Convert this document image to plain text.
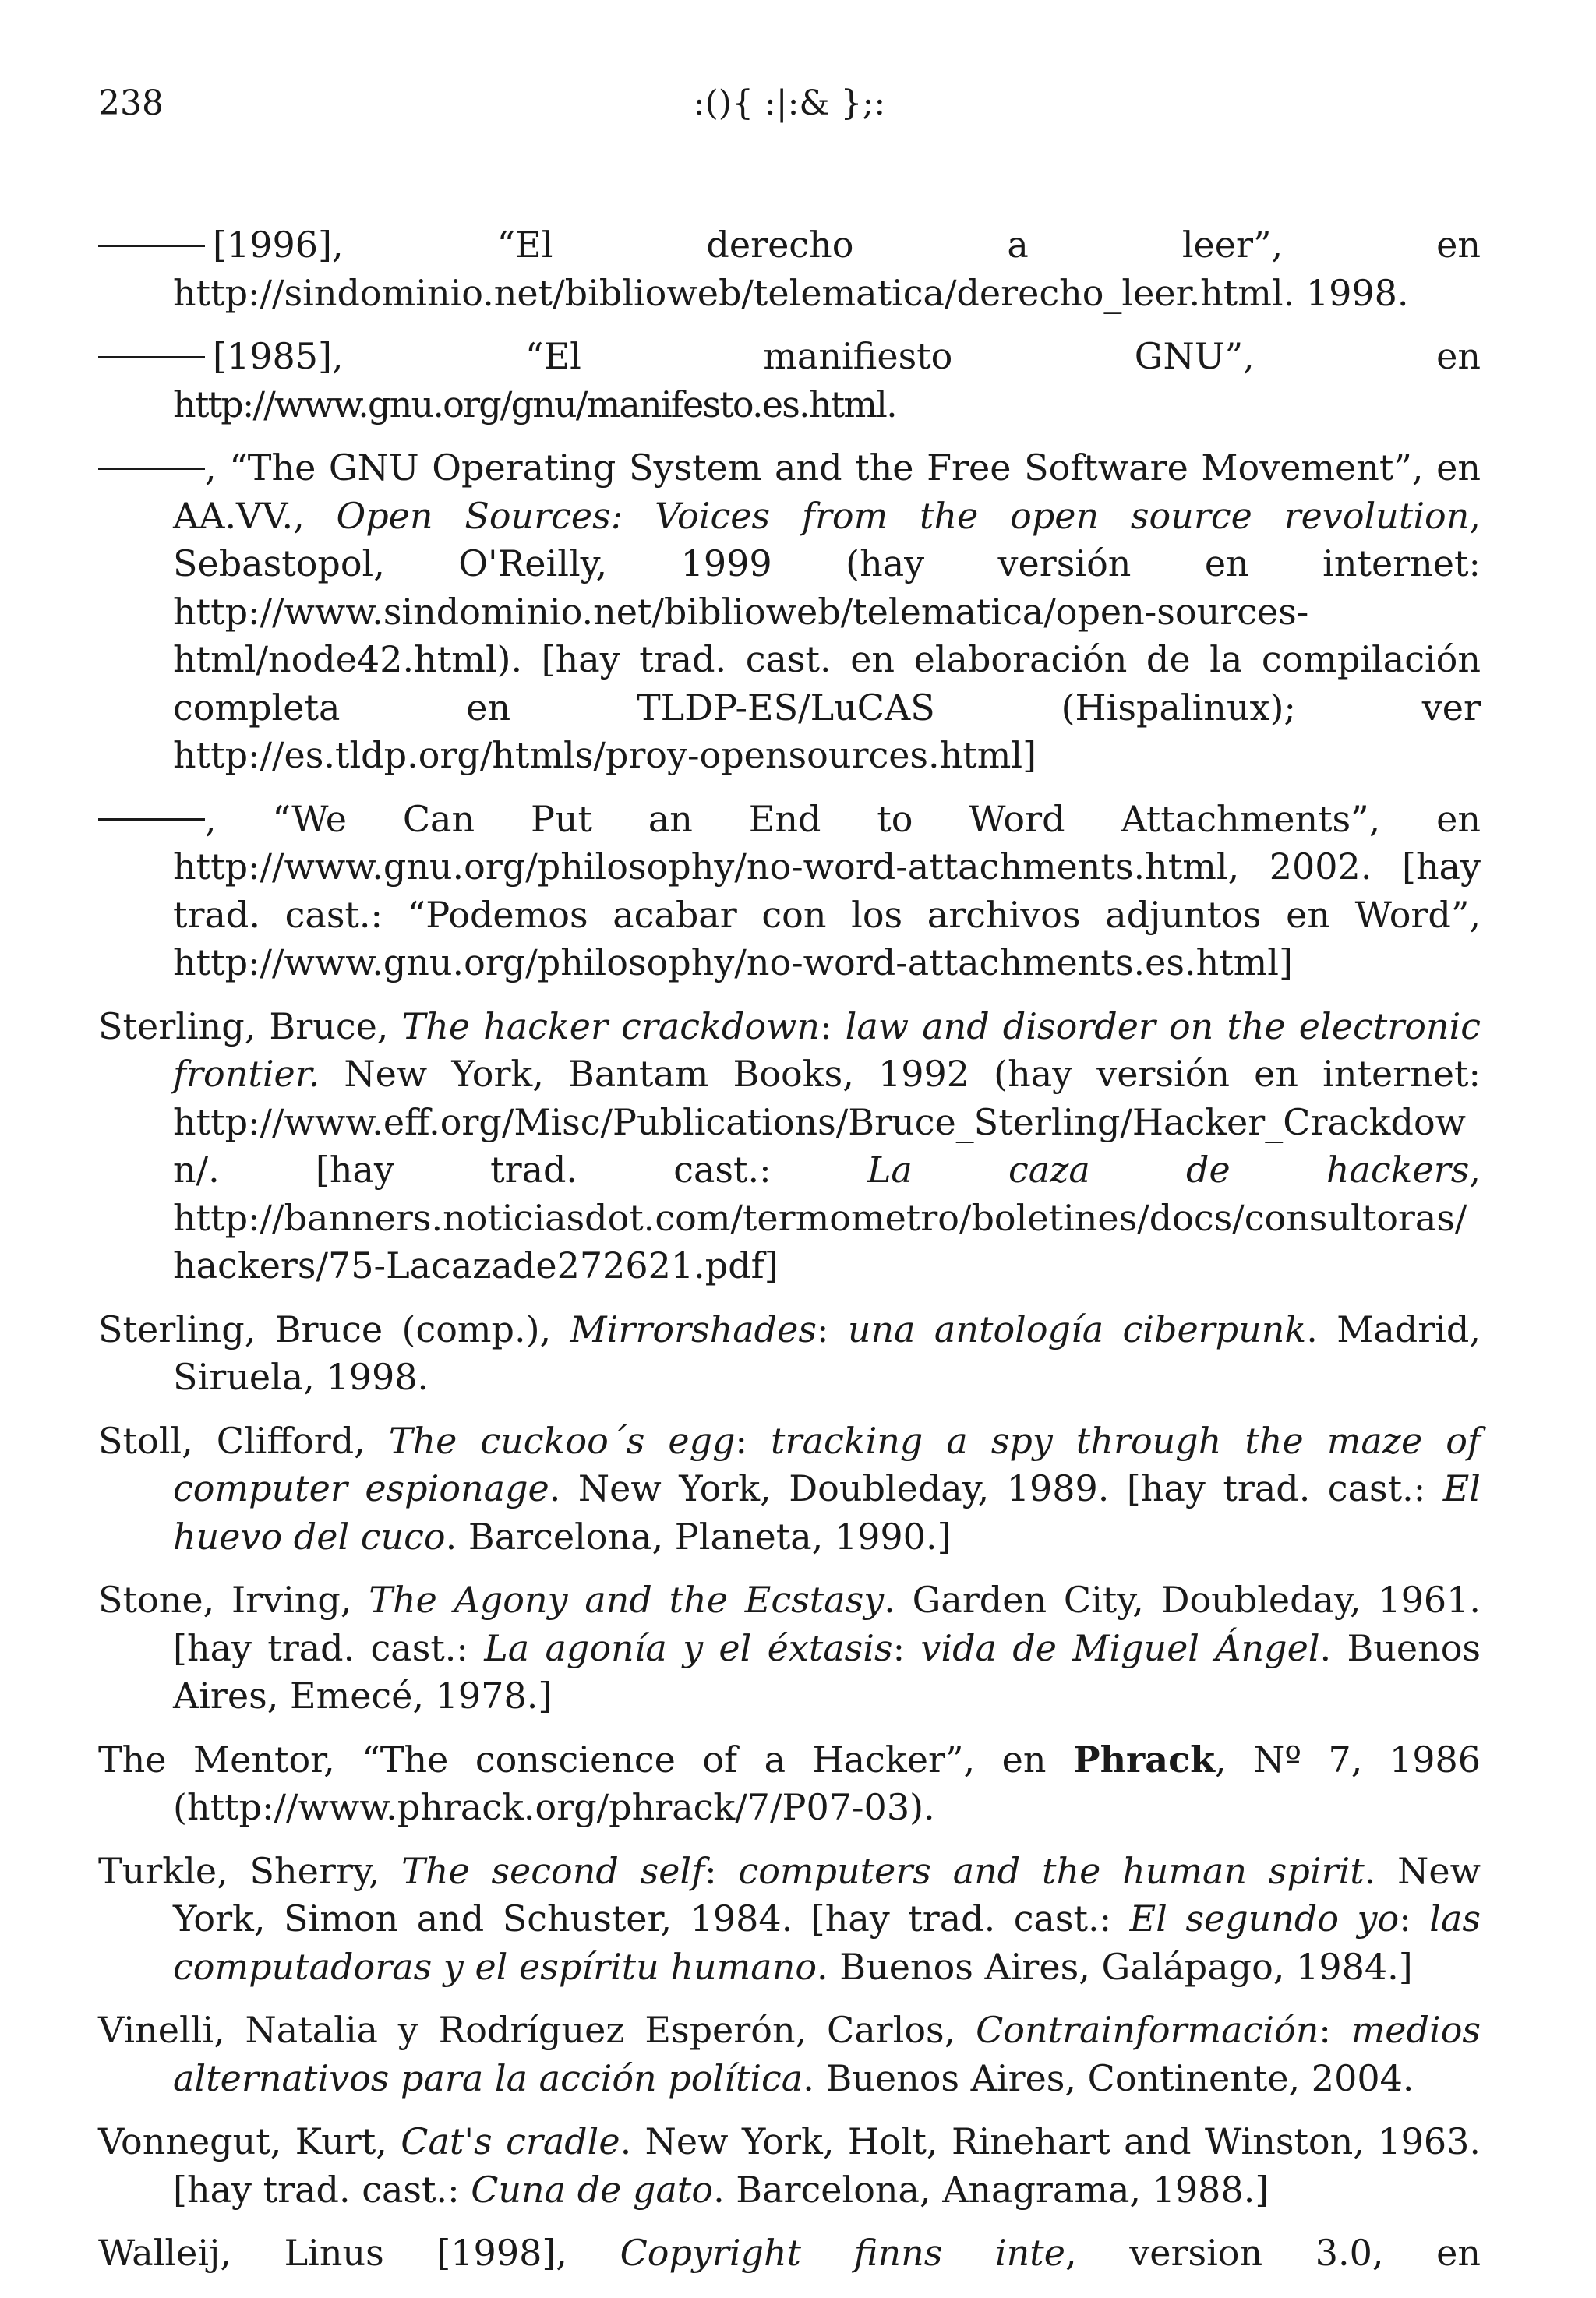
238	:(){ :|:& };:

[1996],	“El derecho a leer”,	en http://sindominio.net/biblioweb/telematica/derecho_leer.html. 1998.

[1985],	“El manifiesto GNU”,	en http://www.gnu.org/gnu/manifesto.es.html.

, “The GNU Operating System and the Free Software Movement”, en AA.VV., Open Sources: Voices from the open source revolution, Sebastopol, O'Reilly, 1999 (hay versión en internet: http://www.sindominio.net/biblioweb/telematica/open-sources-html/node42.html). [hay trad. cast. en elaboración de la compilación completa en TLDP-ES/LuCAS (Hispalinux); ver http://es.tldp.org/htmls/proy-opensources.html]

, “We Can Put an End to Word Attachments”, en http://www.gnu.org/philosophy/no-word-attachments.html, 2002. [hay trad. cast.: “Podemos acabar con los archivos adjuntos en Word”, http://www.gnu.org/philosophy/no-word-attachments.es.html]

Sterling, Bruce, The hacker crackdown: law and disorder on the electronic frontier. New York, Bantam Books, 1992 (hay versión en internet: http://www.eff.org/Misc/Publications/Bruce_Sterling/Hacker_Crackdown/. [hay trad. cast.: La caza de hackers, http://banners.noticiasdot.com/termometro/boletines/docs/consultoras/hackers/75-Lacazade272621.pdf]

Sterling, Bruce (comp.), Mirrorshades: una antología ciberpunk. Madrid, Siruela, 1998.

Stoll, Clifford, The cuckoo´s egg: tracking a spy through the maze of computer espionage. New York, Doubleday, 1989. [hay trad. cast.: El huevo del cuco. Barcelona, Planeta, 1990.]

Stone, Irving, The Agony and the Ecstasy. Garden City, Doubleday, 1961. [hay trad. cast.: La agonía y el éxtasis: vida de Miguel Ángel. Buenos Aires, Emecé, 1978.]

The Mentor, “The conscience of a Hacker”, en Phrack, Nº 7, 1986 (http://www.phrack.org/phrack/7/P07-03).

Turkle, Sherry, The second self: computers and the human spirit. New York, Simon and Schuster, 1984. [hay trad. cast.: El segundo yo: las computadoras y el espíritu humano. Buenos Aires, Galápago, 1984.]

Vinelli, Natalia y Rodríguez Esperón, Carlos, Contrainformación: medios alternativos para la acción política. Buenos Aires, Continente, 2004.

Vonnegut, Kurt, Cat's cradle. New York, Holt, Rinehart and Winston, 1963. [hay trad. cast.: Cuna de gato. Barcelona, Anagrama, 1988.]

Walleij, Linus [1998], Copyright finns inte, version 3.0, en
